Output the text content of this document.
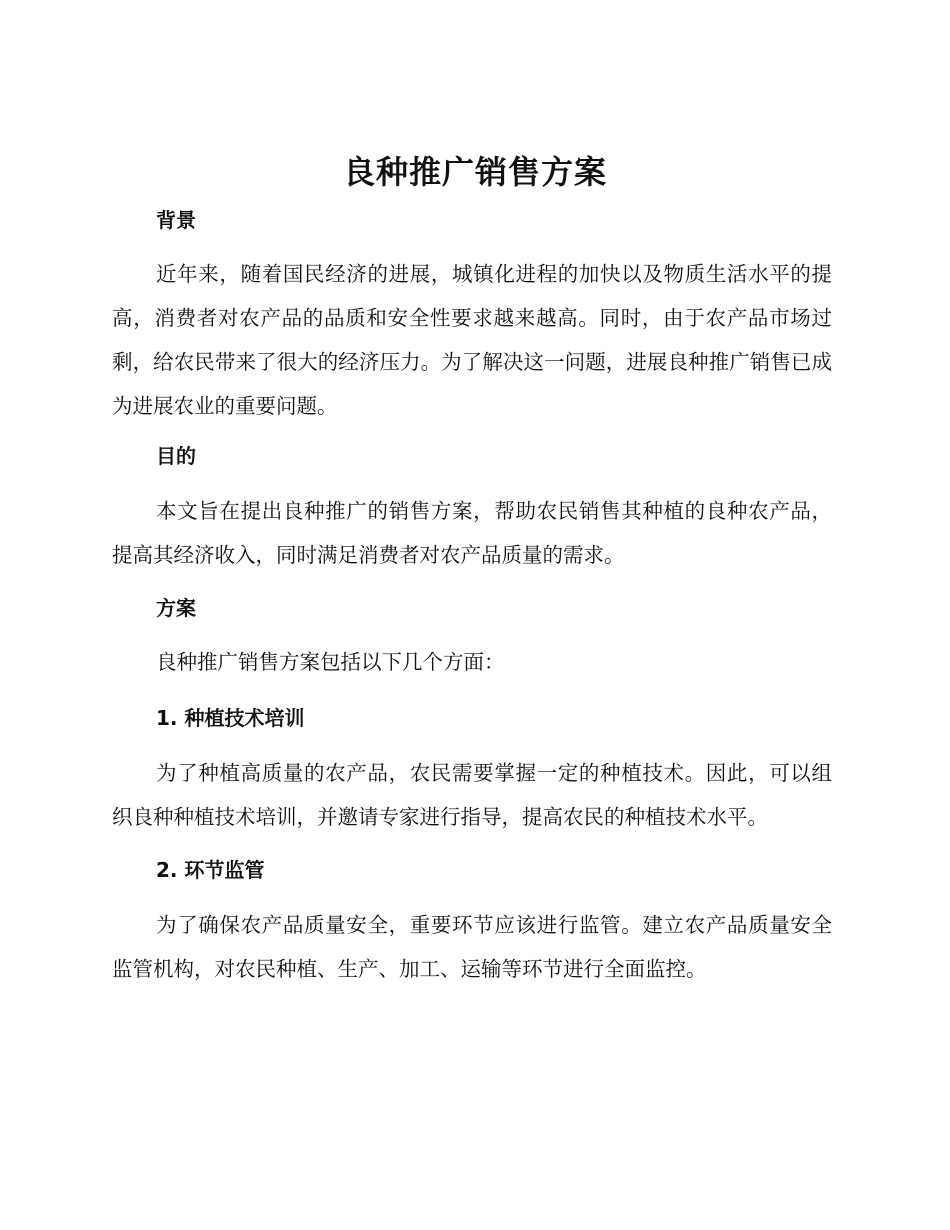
良种推广销售方案
背景
近年来，随着国民经济的进展，城镇化进程的加快以及物质生活水平的提高，消费者对农产品的品质和安全性要求越来越高。同时，由于农产品市场过剩，给农民带来了很大的经济压力。为了解决这一问题，进展良种推广销售已成为进展农业的重要问题。
目的
本文旨在提出良种推广的销售方案，帮助农民销售其种植的良种农产品，提高其经济收入，同时满足消费者对农产品质量的需求。
方案
良种推广销售方案包括以下几个方面：
1. 种植技术培训
为了种植高质量的农产品，农民需要掌握一定的种植技术。因此，可以组织良种种植技术培训，并邀请专家进行指导，提高农民的种植技术水平。
2. 环节监管
为了确保农产品质量安全，重要环节应该进行监管。建立农产品质量安全监管机构，对农民种植、生产、加工、运输等环节进行全面监控。
